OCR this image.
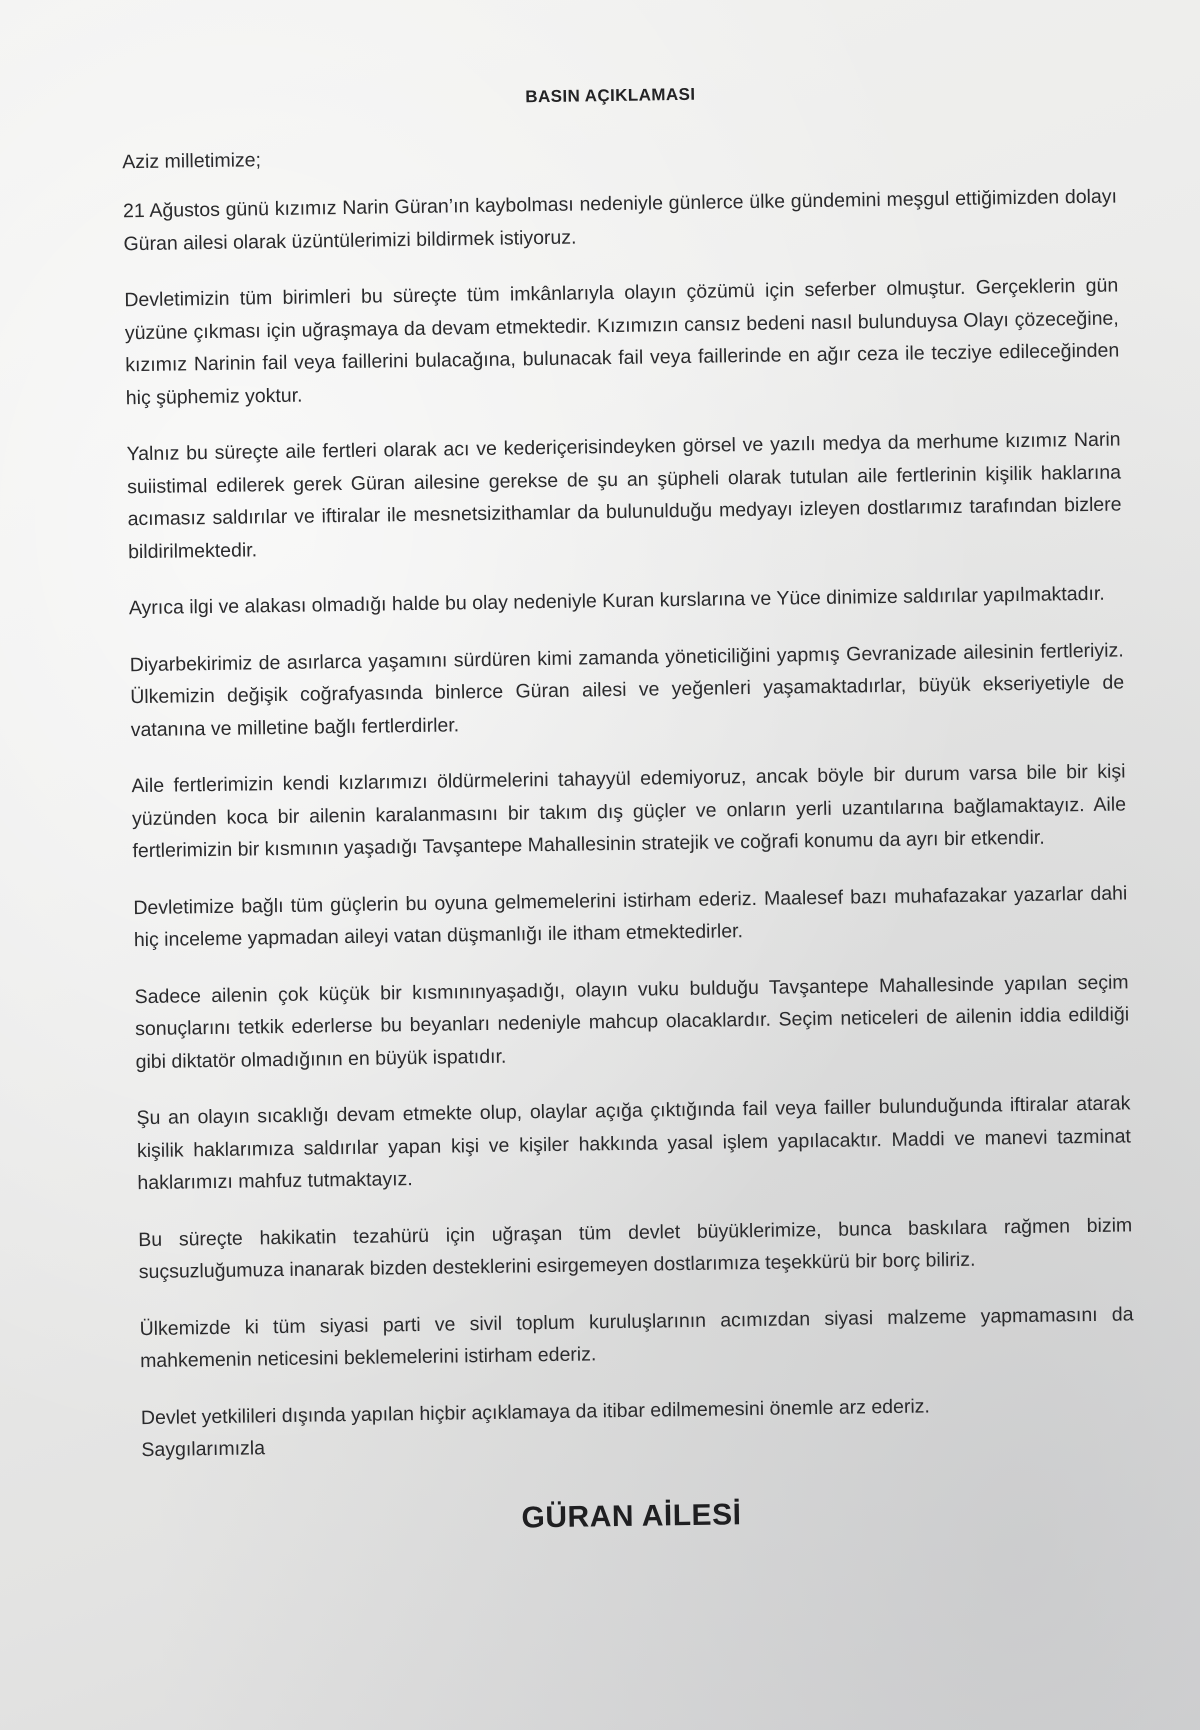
BASIN AÇIKLAMASI
Aziz milletimize;

21 Ağustos günü kızımız Narin Güran’ın kaybolması nedeniyle günlerce ülke gündemini meşgul ettiğimizden dolayı Güran ailesi olarak üzüntülerimizi bildirmek istiyoruz.

Devletimizin tüm birimleri bu süreçte tüm imkânlarıyla olayın çözümü için seferber olmuştur. Gerçeklerin gün yüzüne çıkması için uğraşmaya da devam etmektedir. Kızımızın cansız bedeni nasıl bulunduysa Olayı çözeceğine, kızımız Narinin fail veya faillerini bulacağına, bulunacak fail veya faillerinde en ağır ceza ile tecziye edileceğinden hiç şüphemiz yoktur.

Yalnız bu süreçte aile fertleri olarak acı ve kederiçerisindeyken görsel ve yazılı medya da merhume kızımız Narin suiistimal edilerek gerek Güran ailesine gerekse de şu an şüpheli olarak tutulan aile fertlerinin kişilik haklarına acımasız saldırılar ve iftiralar ile mesnetsizithamlar da bulunulduğu medyayı izleyen dostlarımız tarafından bizlere bildirilmektedir.

Ayrıca ilgi ve alakası olmadığı halde bu olay nedeniyle Kuran kurslarına ve Yüce dinimize saldırılar yapılmaktadır.

Diyarbekirimiz de asırlarca yaşamını sürdüren kimi zamanda yöneticiliğini yapmış Gevranizade ailesinin fertleriyiz. Ülkemizin değişik coğrafyasında binlerce Güran ailesi ve yeğenleri yaşamaktadırlar, büyük ekseriyetiyle de vatanına ve milletine bağlı fertlerdirler.

Aile fertlerimizin kendi kızlarımızı öldürmelerini tahayyül edemiyoruz, ancak böyle bir durum varsa bile bir kişi yüzünden koca bir ailenin karalanmasını bir takım dış güçler ve onların yerli uzantılarına bağlamaktayız. Aile fertlerimizin bir kısmının yaşadığı Tavşantepe Mahallesinin stratejik ve coğrafi konumu da ayrı bir etkendir.

Devletimize bağlı tüm güçlerin bu oyuna gelmemelerini istirham ederiz. Maalesef bazı muhafazakar yazarlar dahi hiç inceleme yapmadan aileyi vatan düşmanlığı ile itham etmektedirler.

Sadece ailenin çok küçük bir kısmınınyaşadığı, olayın vuku bulduğu Tavşantepe Mahallesinde yapılan seçim sonuçlarını tetkik ederlerse bu beyanları nedeniyle mahcup olacaklardır. Seçim neticeleri de ailenin iddia edildiği gibi diktatör olmadığının en büyük ispatıdır.

Şu an olayın sıcaklığı devam etmekte olup, olaylar açığa çıktığında fail veya failler bulunduğunda iftiralar atarak kişilik haklarımıza saldırılar yapan kişi ve kişiler hakkında yasal işlem yapılacaktır. Maddi ve manevi tazminat haklarımızı mahfuz tutmaktayız.

Bu süreçte hakikatin tezahürü için uğraşan tüm devlet büyüklerimize, bunca baskılara rağmen bizim suçsuzluğumuza inanarak bizden desteklerini esirgemeyen dostlarımıza teşekkürü bir borç biliriz.

Ülkemizde ki tüm siyasi parti ve sivil toplum kuruluşlarının acımızdan siyasi malzeme yapmamasını da mahkemenin neticesini beklemelerini istirham ederiz.

Devlet yetkilileri dışında yapılan hiçbir açıklamaya da itibar edilmemesini önemle arz ederiz.

Saygılarımızla
GÜRAN AİLESİ
